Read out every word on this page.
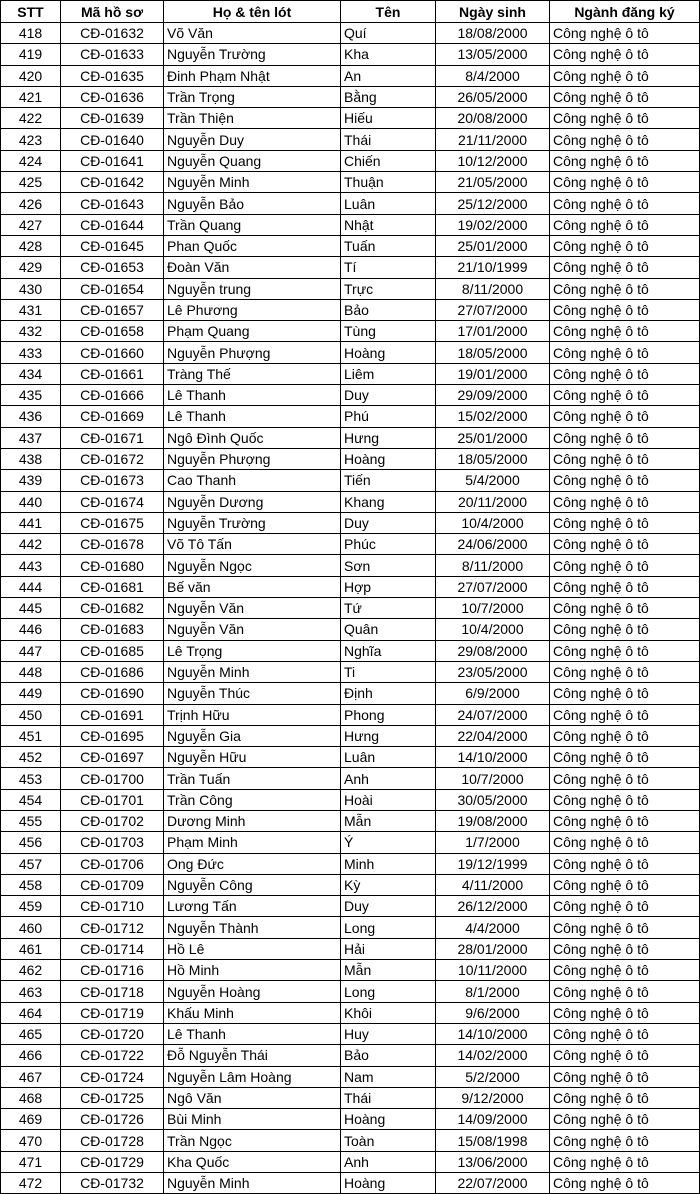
STT	Mã hồ sơ	Họ & tên lót	Tên	Ngày sinh	Ngành đăng ký
418	CĐ-01632	Võ Văn	Quí	18/08/2000	Công nghệ ô tô
419	CĐ-01633	Nguyễn Trường	Kha	13/05/2000	Công nghệ ô tô
420	CĐ-01635	Đinh Phạm Nhật	An	8/4/2000	Công nghệ ô tô
421	CĐ-01636	Trần Trọng	Bằng	26/05/2000	Công nghệ ô tô
422	CĐ-01639	Trần Thiện	Hiếu	20/08/2000	Công nghệ ô tô
423	CĐ-01640	Nguyễn Duy	Thái	21/11/2000	Công nghệ ô tô
424	CĐ-01641	Nguyễn Quang	Chiến	10/12/2000	Công nghệ ô tô
425	CĐ-01642	Nguyễn Minh	Thuận	21/05/2000	Công nghệ ô tô
426	CĐ-01643	Nguyễn Bảo	Luân	25/12/2000	Công nghệ ô tô
427	CĐ-01644	Trần Quang	Nhật	19/02/2000	Công nghệ ô tô
428	CĐ-01645	Phan Quốc	Tuấn	25/01/2000	Công nghệ ô tô
429	CĐ-01653	Đoàn Văn	Tí	21/10/1999	Công nghệ ô tô
430	CĐ-01654	Nguyễn trung	Trực	8/11/2000	Công nghệ ô tô
431	CĐ-01657	Lê Phương	Bảo	27/07/2000	Công nghệ ô tô
432	CĐ-01658	Phạm Quang	Tùng	17/01/2000	Công nghệ ô tô
433	CĐ-01660	Nguyễn Phượng	Hoàng	18/05/2000	Công nghệ ô tô
434	CĐ-01661	Tràng Thế	Liêm	19/01/2000	Công nghệ ô tô
435	CĐ-01666	Lê Thanh	Duy	29/09/2000	Công nghệ ô tô
436	CĐ-01669	Lê Thanh	Phú	15/02/2000	Công nghệ ô tô
437	CĐ-01671	Ngô Đình Quốc	Hưng	25/01/2000	Công nghệ ô tô
438	CĐ-01672	Nguyễn Phượng	Hoàng	18/05/2000	Công nghệ ô tô
439	CĐ-01673	Cao Thanh	Tiến	5/4/2000	Công nghệ ô tô
440	CĐ-01674	Nguyễn Dương	Khang	20/11/2000	Công nghệ ô tô
441	CĐ-01675	Nguyễn Trường	Duy	10/4/2000	Công nghệ ô tô
442	CĐ-01678	Võ Tô Tấn	Phúc	24/06/2000	Công nghệ ô tô
443	CĐ-01680	Nguyễn Ngọc	Sơn	8/11/2000	Công nghệ ô tô
444	CĐ-01681	Bế văn	Hợp	27/07/2000	Công nghệ ô tô
445	CĐ-01682	Nguyễn Văn	Tứ	10/7/2000	Công nghệ ô tô
446	CĐ-01683	Nguyễn Văn	Quân	10/4/2000	Công nghệ ô tô
447	CĐ-01685	Lê Trọng	Nghĩa	29/08/2000	Công nghệ ô tô
448	CĐ-01686	Nguyễn Minh	Ti	23/05/2000	Công nghệ ô tô
449	CĐ-01690	Nguyễn Thúc	Định	6/9/2000	Công nghệ ô tô
450	CĐ-01691	Trịnh Hữu	Phong	24/07/2000	Công nghệ ô tô
451	CĐ-01695	Nguyễn Gia	Hưng	22/04/2000	Công nghệ ô tô
452	CĐ-01697	Nguyễn Hữu	Luân	14/10/2000	Công nghệ ô tô
453	CĐ-01700	Trần Tuấn	Anh	10/7/2000	Công nghệ ô tô
454	CĐ-01701	Trần Công	Hoài	30/05/2000	Công nghệ ô tô
455	CĐ-01702	Dương Minh	Mẫn	19/08/2000	Công nghệ ô tô
456	CĐ-01703	Phạm Minh	Ý	1/7/2000	Công nghệ ô tô
457	CĐ-01706	Ong Đức	Minh	19/12/1999	Công nghệ ô tô
458	CĐ-01709	Nguyễn Công	Kỳ	4/11/2000	Công nghệ ô tô
459	CĐ-01710	Lương Tấn	Duy	26/12/2000	Công nghệ ô tô
460	CĐ-01712	Nguyễn Thành	Long	4/4/2000	Công nghệ ô tô
461	CĐ-01714	Hồ Lê	Hải	28/01/2000	Công nghệ ô tô
462	CĐ-01716	Hồ Minh	Mẫn	10/11/2000	Công nghệ ô tô
463	CĐ-01718	Nguyễn Hoàng	Long	8/1/2000	Công nghệ ô tô
464	CĐ-01719	Khấu Minh	Khôi	9/6/2000	Công nghệ ô tô
465	CĐ-01720	Lê Thanh	Huy	14/10/2000	Công nghệ ô tô
466	CĐ-01722	Đỗ Nguyễn Thái	Bảo	14/02/2000	Công nghệ ô tô
467	CĐ-01724	Nguyễn Lâm Hoàng	Nam	5/2/2000	Công nghệ ô tô
468	CĐ-01725	Ngô Văn	Thái	9/12/2000	Công nghệ ô tô
469	CĐ-01726	Bùi Minh	Hoàng	14/09/2000	Công nghệ ô tô
470	CĐ-01728	Trần Ngọc	Toàn	15/08/1998	Công nghệ ô tô
471	CĐ-01729	Kha Quốc	Anh	13/06/2000	Công nghệ ô tô
472	CĐ-01732	Nguyễn Minh	Hoàng	22/07/2000	Công nghệ ô tô
